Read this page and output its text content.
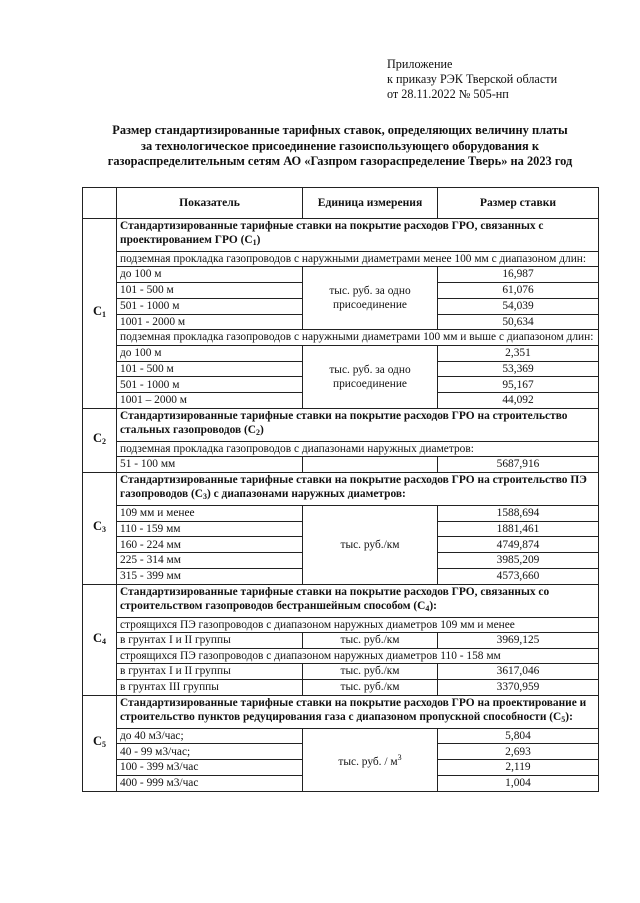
Приложение
к приказу РЭК Тверской области
от 28.11.2022 № 505-нп
Размер стандартизированные тарифных ставок, определяющих величину платы
за технологическое присоединение газоиспользующего оборудования к
газораспределительным сетям АО «Газпром газораспределение Тверь» на 2023 год
	Показатель	Единица измерения	Размер ставки
$C_1$	Стандартизированные тарифные ставки на покрытие расходов ГРО, связанных с проектированием ГРО $(C_1)$		
	подземная прокладка газопроводов с наружными диаметрами менее 100 мм с диапазоном длин:		
	до 100 м	тыс. руб. за одно присоединение	16,987
	101 - 500 м		61,076
	501 - 1000 м		54,039
	1001 - 2000 м		50,634
	подземная прокладка газопроводов с наружными диаметрами 100 мм и выше с диапазоном длин:		
	до 100 м	тыс. руб. за одно присоединение	2,351
	101 - 500 м		53,369
	501 - 1000 м		95,167
	1001 – 2000 м		44,092
$C_2$	Стандартизированные тарифные ставки на покрытие расходов ГРО на строительство стальных газопроводов $(C_2)$		
	подземная прокладка газопроводов с диапазонами наружных диаметров:		
	51 - 100 мм		5687,916
$C_3$	Стандартизированные тарифные ставки на покрытие расходов ГРО на строительство ПЭ газопроводов $(C_3)$ с диапазонами наружных диаметров:		
	109 мм и менее	тыс. руб./км	1588,694
	110 - 159 мм		1881,461
	160 - 224 мм		4749,874
	225 - 314 мм		3985,209
	315 - 399 мм		4573,660
$C_4$	Стандартизированные тарифные ставки на покрытие расходов ГРО, связанных со строительством газопроводов бестраншейным способом $(C_4)$:		
	строящихся ПЭ газопроводов с диапазоном наружных диаметров 109 мм и менее		
	в грунтах I и II группы	тыс. руб./км	3969,125
	строящихся ПЭ газопроводов с диапазоном наружных диаметров 110 - 158 мм		
	в грунтах I и II группы	тыс. руб./км	3617,046
	в грунтах III группы	тыс. руб./км	3370,959
$C_5$	Стандартизированные тарифные ставки на покрытие расходов ГРО на проектирование и строительство пунктов редуцирования газа с диапазоном пропускной способности $(C_5)$:		
	до 40 м3/час;	тыс. руб. / $м^3$	5,804
	40 - 99 м3/час;		2,693
	100 - 399 м3/час		2,119
	400 - 999 м3/час		1,004
